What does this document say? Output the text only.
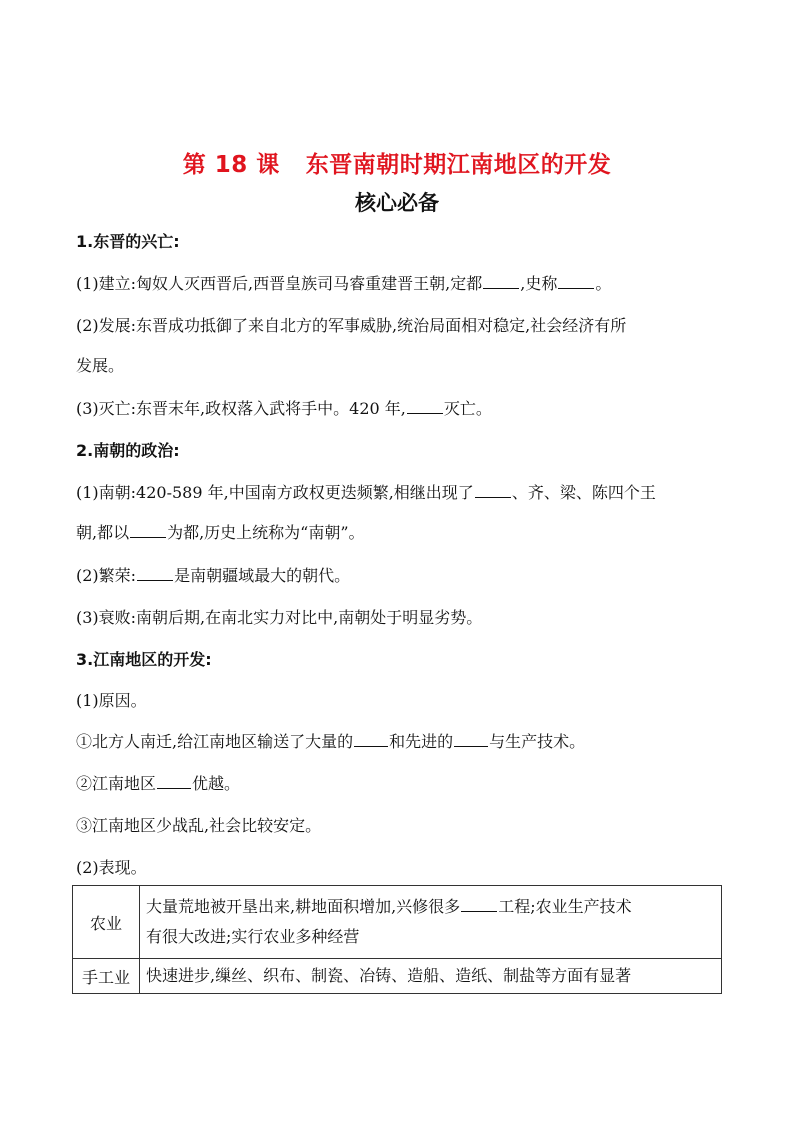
第 18 课 东晋南朝时期江南地区的开发
核心必备
1.东晋的兴亡:
(1)建立:匈奴人灭西晋后,西晋皇族司马睿重建晋王朝,定都 ,史称 。
(2)发展:东晋成功抵御了来自北方的军事威胁,统治局面相对稳定,社会经济有所
发展。
(3)灭亡:东晋末年,政权落入武将手中。420 年, 灭亡。
2.南朝的政治:
(1)南朝:420-589 年,中国南方政权更迭频繁,相继出现了 、齐、梁、陈四个王
朝,都以 为都,历史上统称为“南朝”。
(2)繁荣: 是南朝疆域最大的朝代。
(3)衰败:南朝后期,在南北实力对比中,南朝处于明显劣势。
3.江南地区的开发:
(1)原因。
①北方人南迁,给江南地区输送了大量的 和先进的 与生产技术。
②江南地区 优越。
③江南地区少战乱,社会比较安定。
(2)表现。
农业	大量荒地被开垦出来,耕地面积增加,兴修很多 工程;农业生产技术
有很大改进;实行农业多种经营
手工业	快速进步,缫丝、织布、制瓷、冶铸、造船、造纸、制盐等方面有显著
